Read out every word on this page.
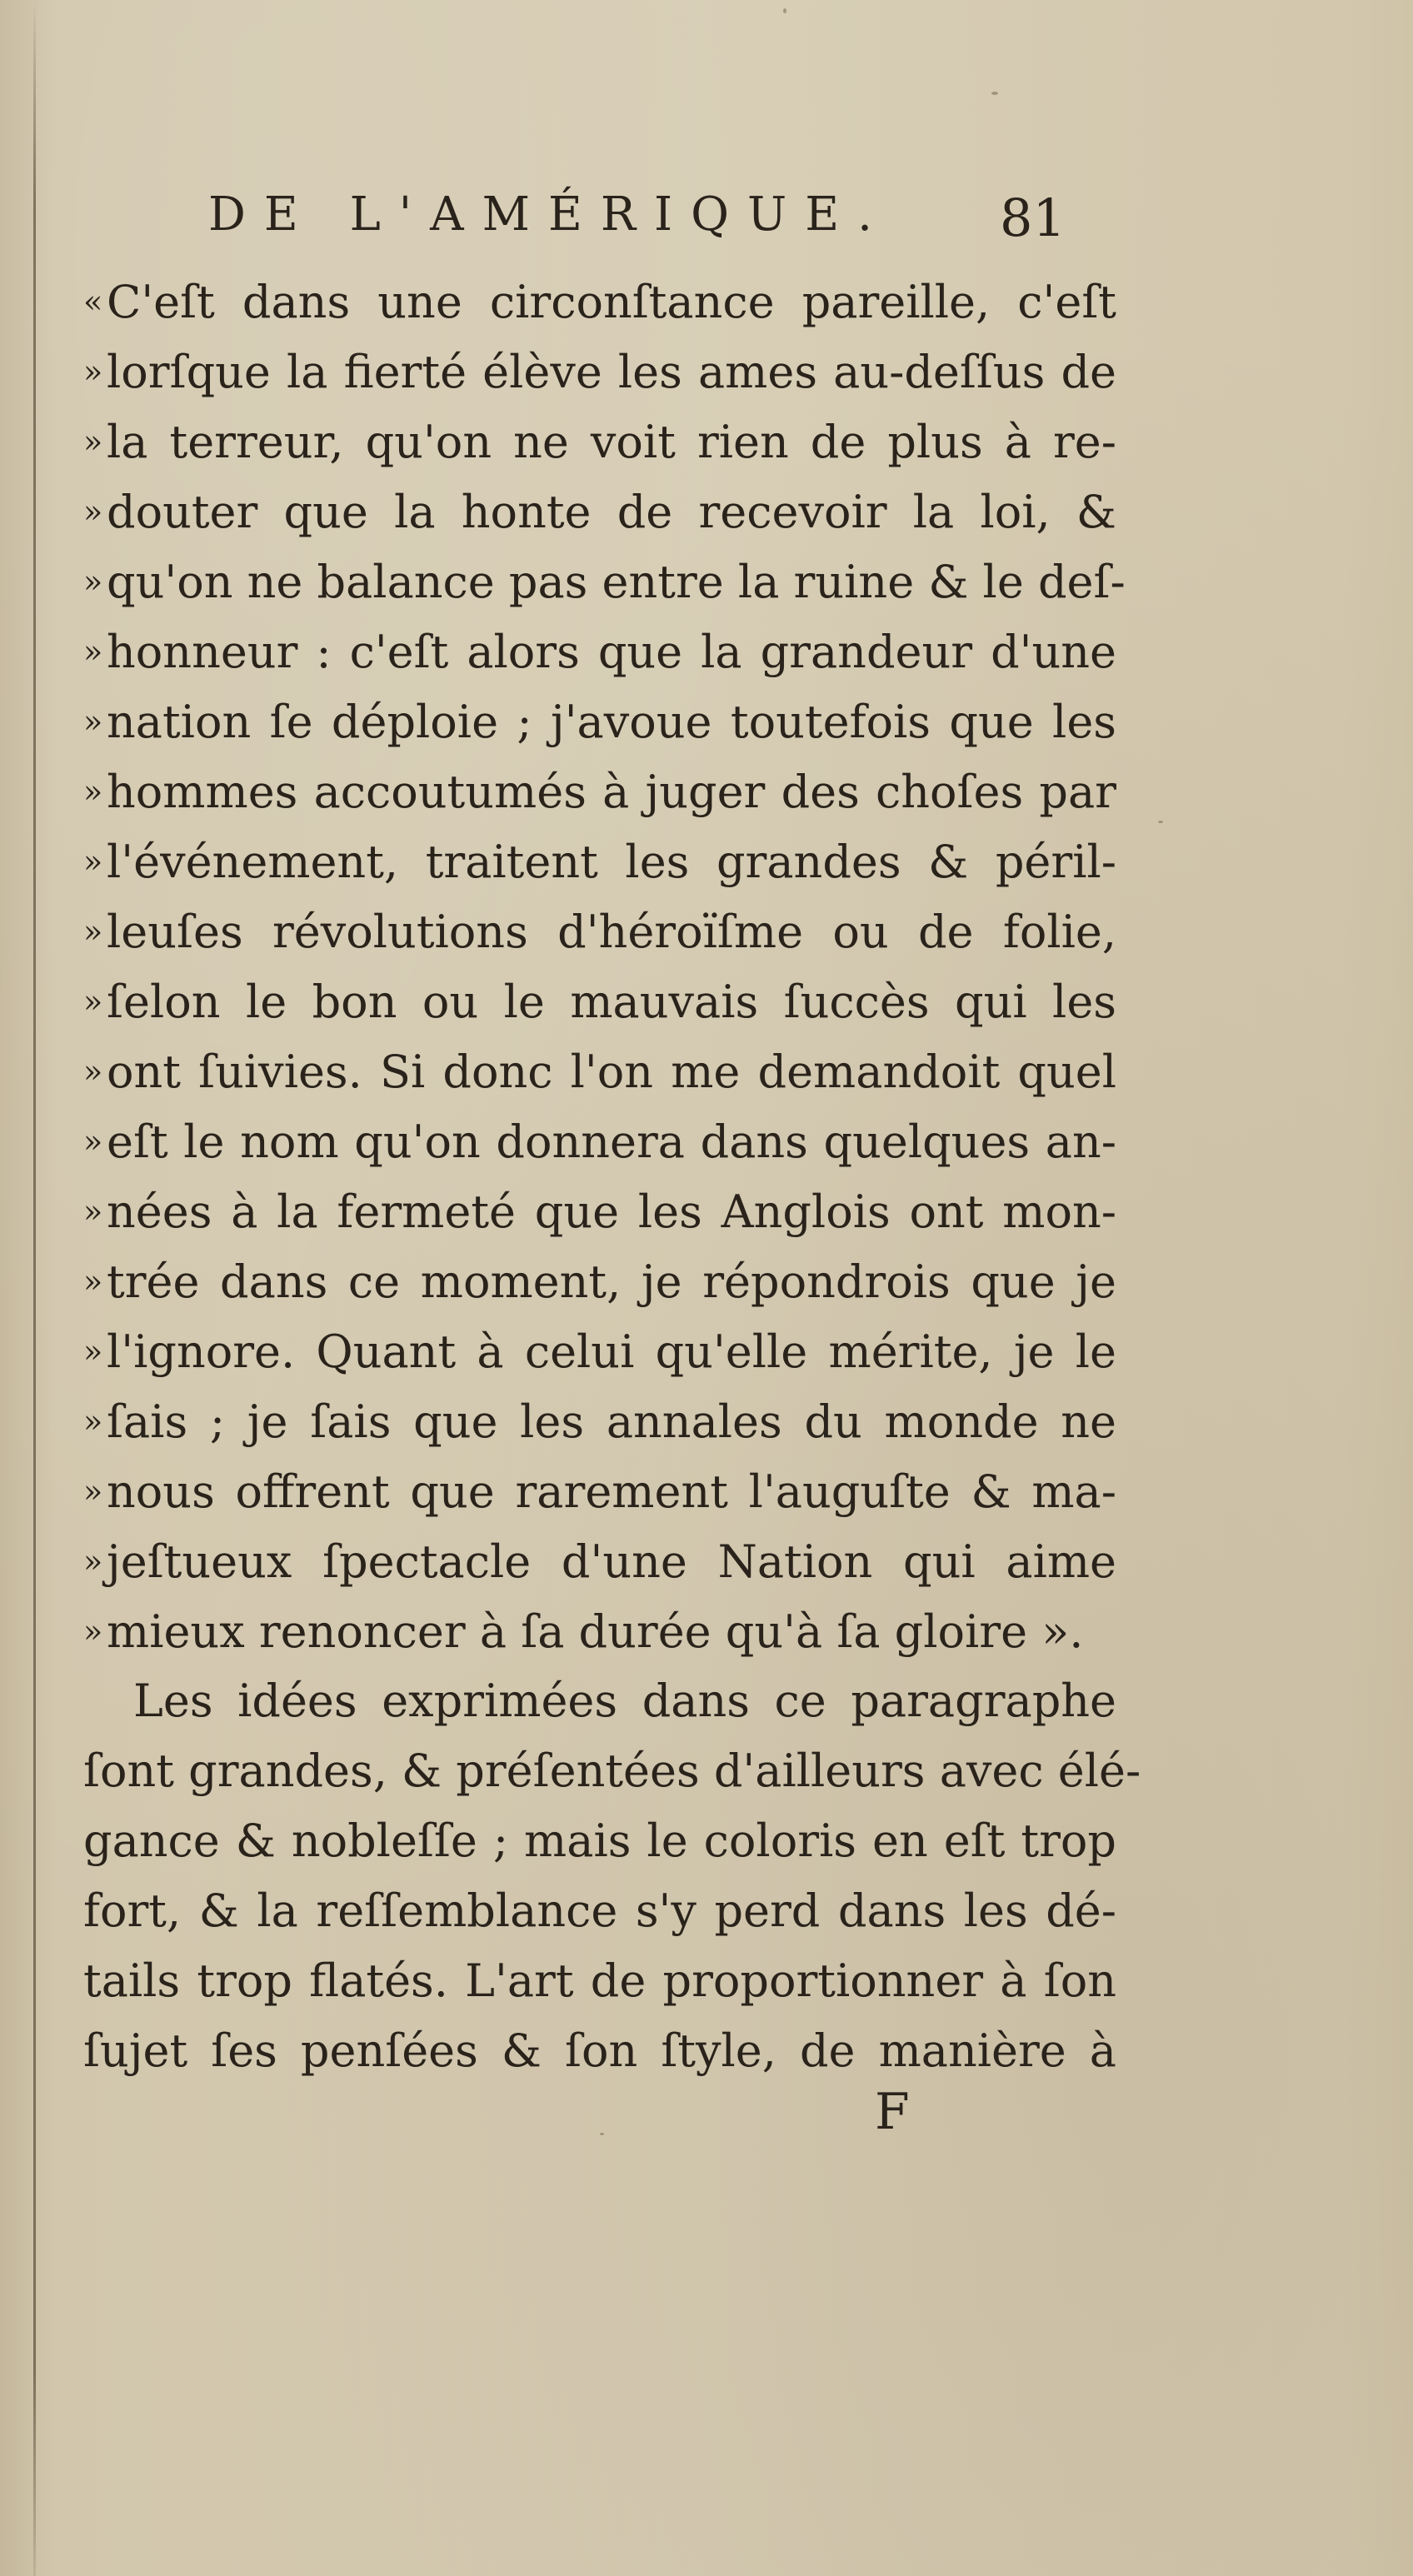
DE L'AMÉRIQUE. 81
«C'eſt dans une circonſtance pareille, c'eſt
»lorſque la fierté élève les ames au-deſſus de
»la terreur, qu'on ne voit rien de plus à re-
»douter que la honte de recevoir la loi, &
»qu'on ne balance pas entre la ruine & le deſ-
»honneur : c'eſt alors que la grandeur d'une
»nation ſe déploie ; j'avoue toutefois que les
»hommes accoutumés à juger des choſes par
»l'événement, traitent les grandes & péril-
»leuſes révolutions d'héroïſme ou de folie,
»ſelon le bon ou le mauvais ſuccès qui les
»ont ſuivies. Si donc l'on me demandoit quel
»eſt le nom qu'on donnera dans quelques an-
»nées à la fermeté que les Anglois ont mon-
»trée dans ce moment, je répondrois que je
»l'ignore. Quant à celui qu'elle mérite, je le
»ſais ; je ſais que les annales du monde ne
»nous offrent que rarement l'auguſte & ma-
»jeſtueux ſpectacle d'une Nation qui aime
»mieux renoncer à ſa durée qu'à ſa gloire ».
Les idées exprimées dans ce paragraphe
ſont grandes, & préſentées d'ailleurs avec élé-
gance & nobleſſe ; mais le coloris en eſt trop
fort, & la reſſemblance s'y perd dans les dé-
tails trop flatés. L'art de proportionner à ſon
ſujet ſes penſées & ſon ſtyle, de manière à
F
